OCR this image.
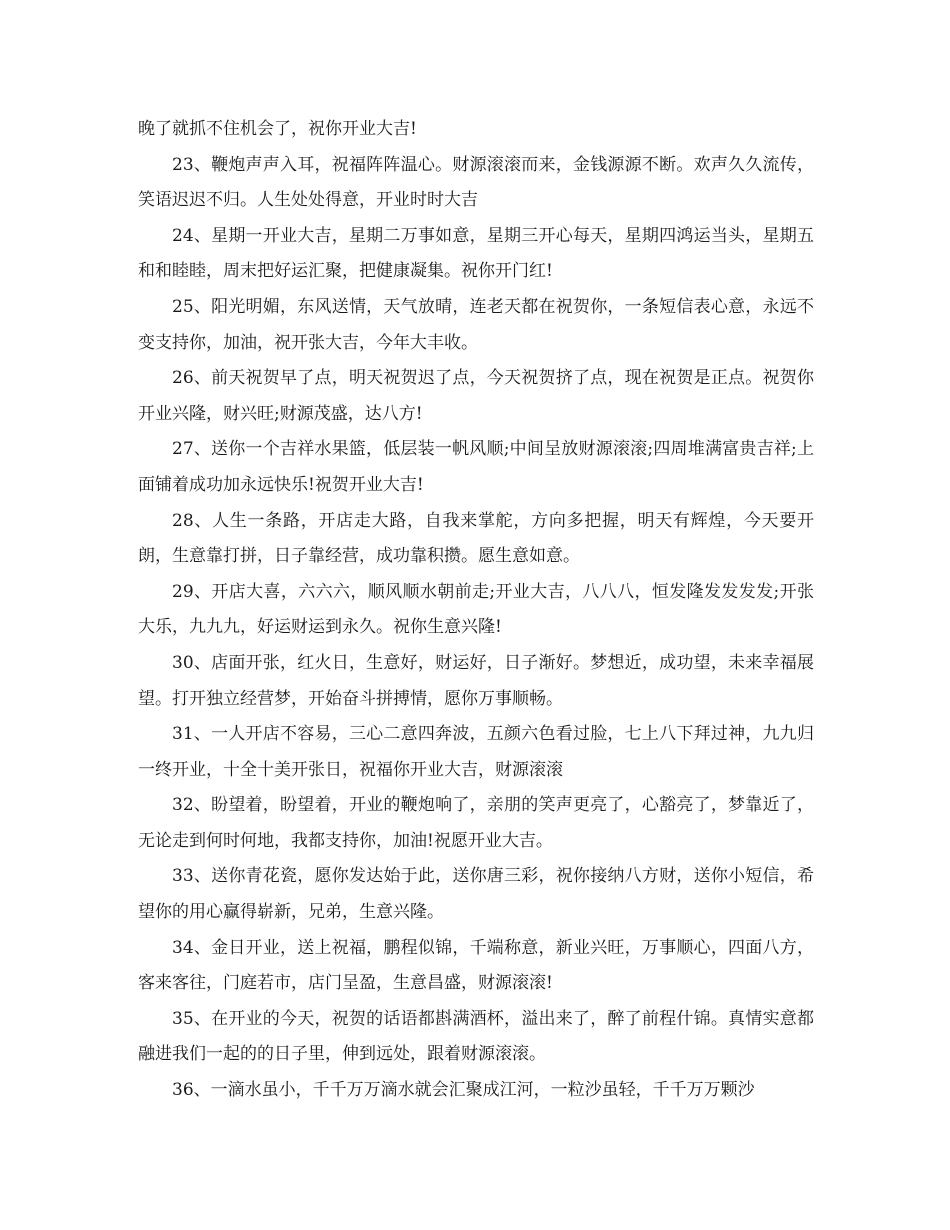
晚了就抓不住机会了，祝你开业大吉!

23、鞭炮声声入耳，祝福阵阵温心。财源滚滚而来，金钱源源不断。欢声久久流传，笑语迟迟不归。人生处处得意，开业时时大吉

24、星期一开业大吉，星期二万事如意，星期三开心每天，星期四鸿运当头，星期五和和睦睦，周末把好运汇聚，把健康凝集。祝你开门红!

25、阳光明媚，东风送情，天气放晴，连老天都在祝贺你，一条短信表心意，永远不变支持你，加油，祝开张大吉，今年大丰收。

26、前天祝贺早了点，明天祝贺迟了点，今天祝贺挤了点，现在祝贺是正点。祝贺你开业兴隆，财兴旺;财源茂盛，达八方!

27、送你一个吉祥水果篮，低层装一帆风顺;中间呈放财源滚滚;四周堆满富贵吉祥;上面铺着成功加永远快乐!祝贺开业大吉!

28、人生一条路，开店走大路，自我来掌舵，方向多把握，明天有辉煌，今天要开朗，生意靠打拼，日子靠经营，成功靠积攒。愿生意如意。

29、开店大喜，六六六，顺风顺水朝前走;开业大吉，八八八，恒发隆发发发发;开张大乐，九九九，好运财运到永久。祝你生意兴隆!

30、店面开张，红火日，生意好，财运好，日子渐好。梦想近，成功望，未来幸福展望。打开独立经营梦，开始奋斗拼搏情，愿你万事顺畅。

31、一人开店不容易，三心二意四奔波，五颜六色看过脸，七上八下拜过神，九九归一终开业，十全十美开张日，祝福你开业大吉，财源滚滚

32、盼望着，盼望着，开业的鞭炮响了，亲朋的笑声更亮了，心豁亮了，梦靠近了，无论走到何时何地，我都支持你，加油!祝愿开业大吉。

33、送你青花瓷，愿你发达始于此，送你唐三彩，祝你接纳八方财，送你小短信，希望你的用心赢得崭新，兄弟，生意兴隆。

34、金日开业，送上祝福，鹏程似锦，千端称意，新业兴旺，万事顺心，四面八方，客来客往，门庭若市，店门呈盈，生意昌盛，财源滚滚!

35、在开业的今天，祝贺的话语都斟满酒杯，溢出来了，醉了前程什锦。真情实意都融进我们一起的的日子里，伸到远处，跟着财源滚滚。

36、一滴水虽小，千千万万滴水就会汇聚成江河，一粒沙虽轻，千千万万颗沙
